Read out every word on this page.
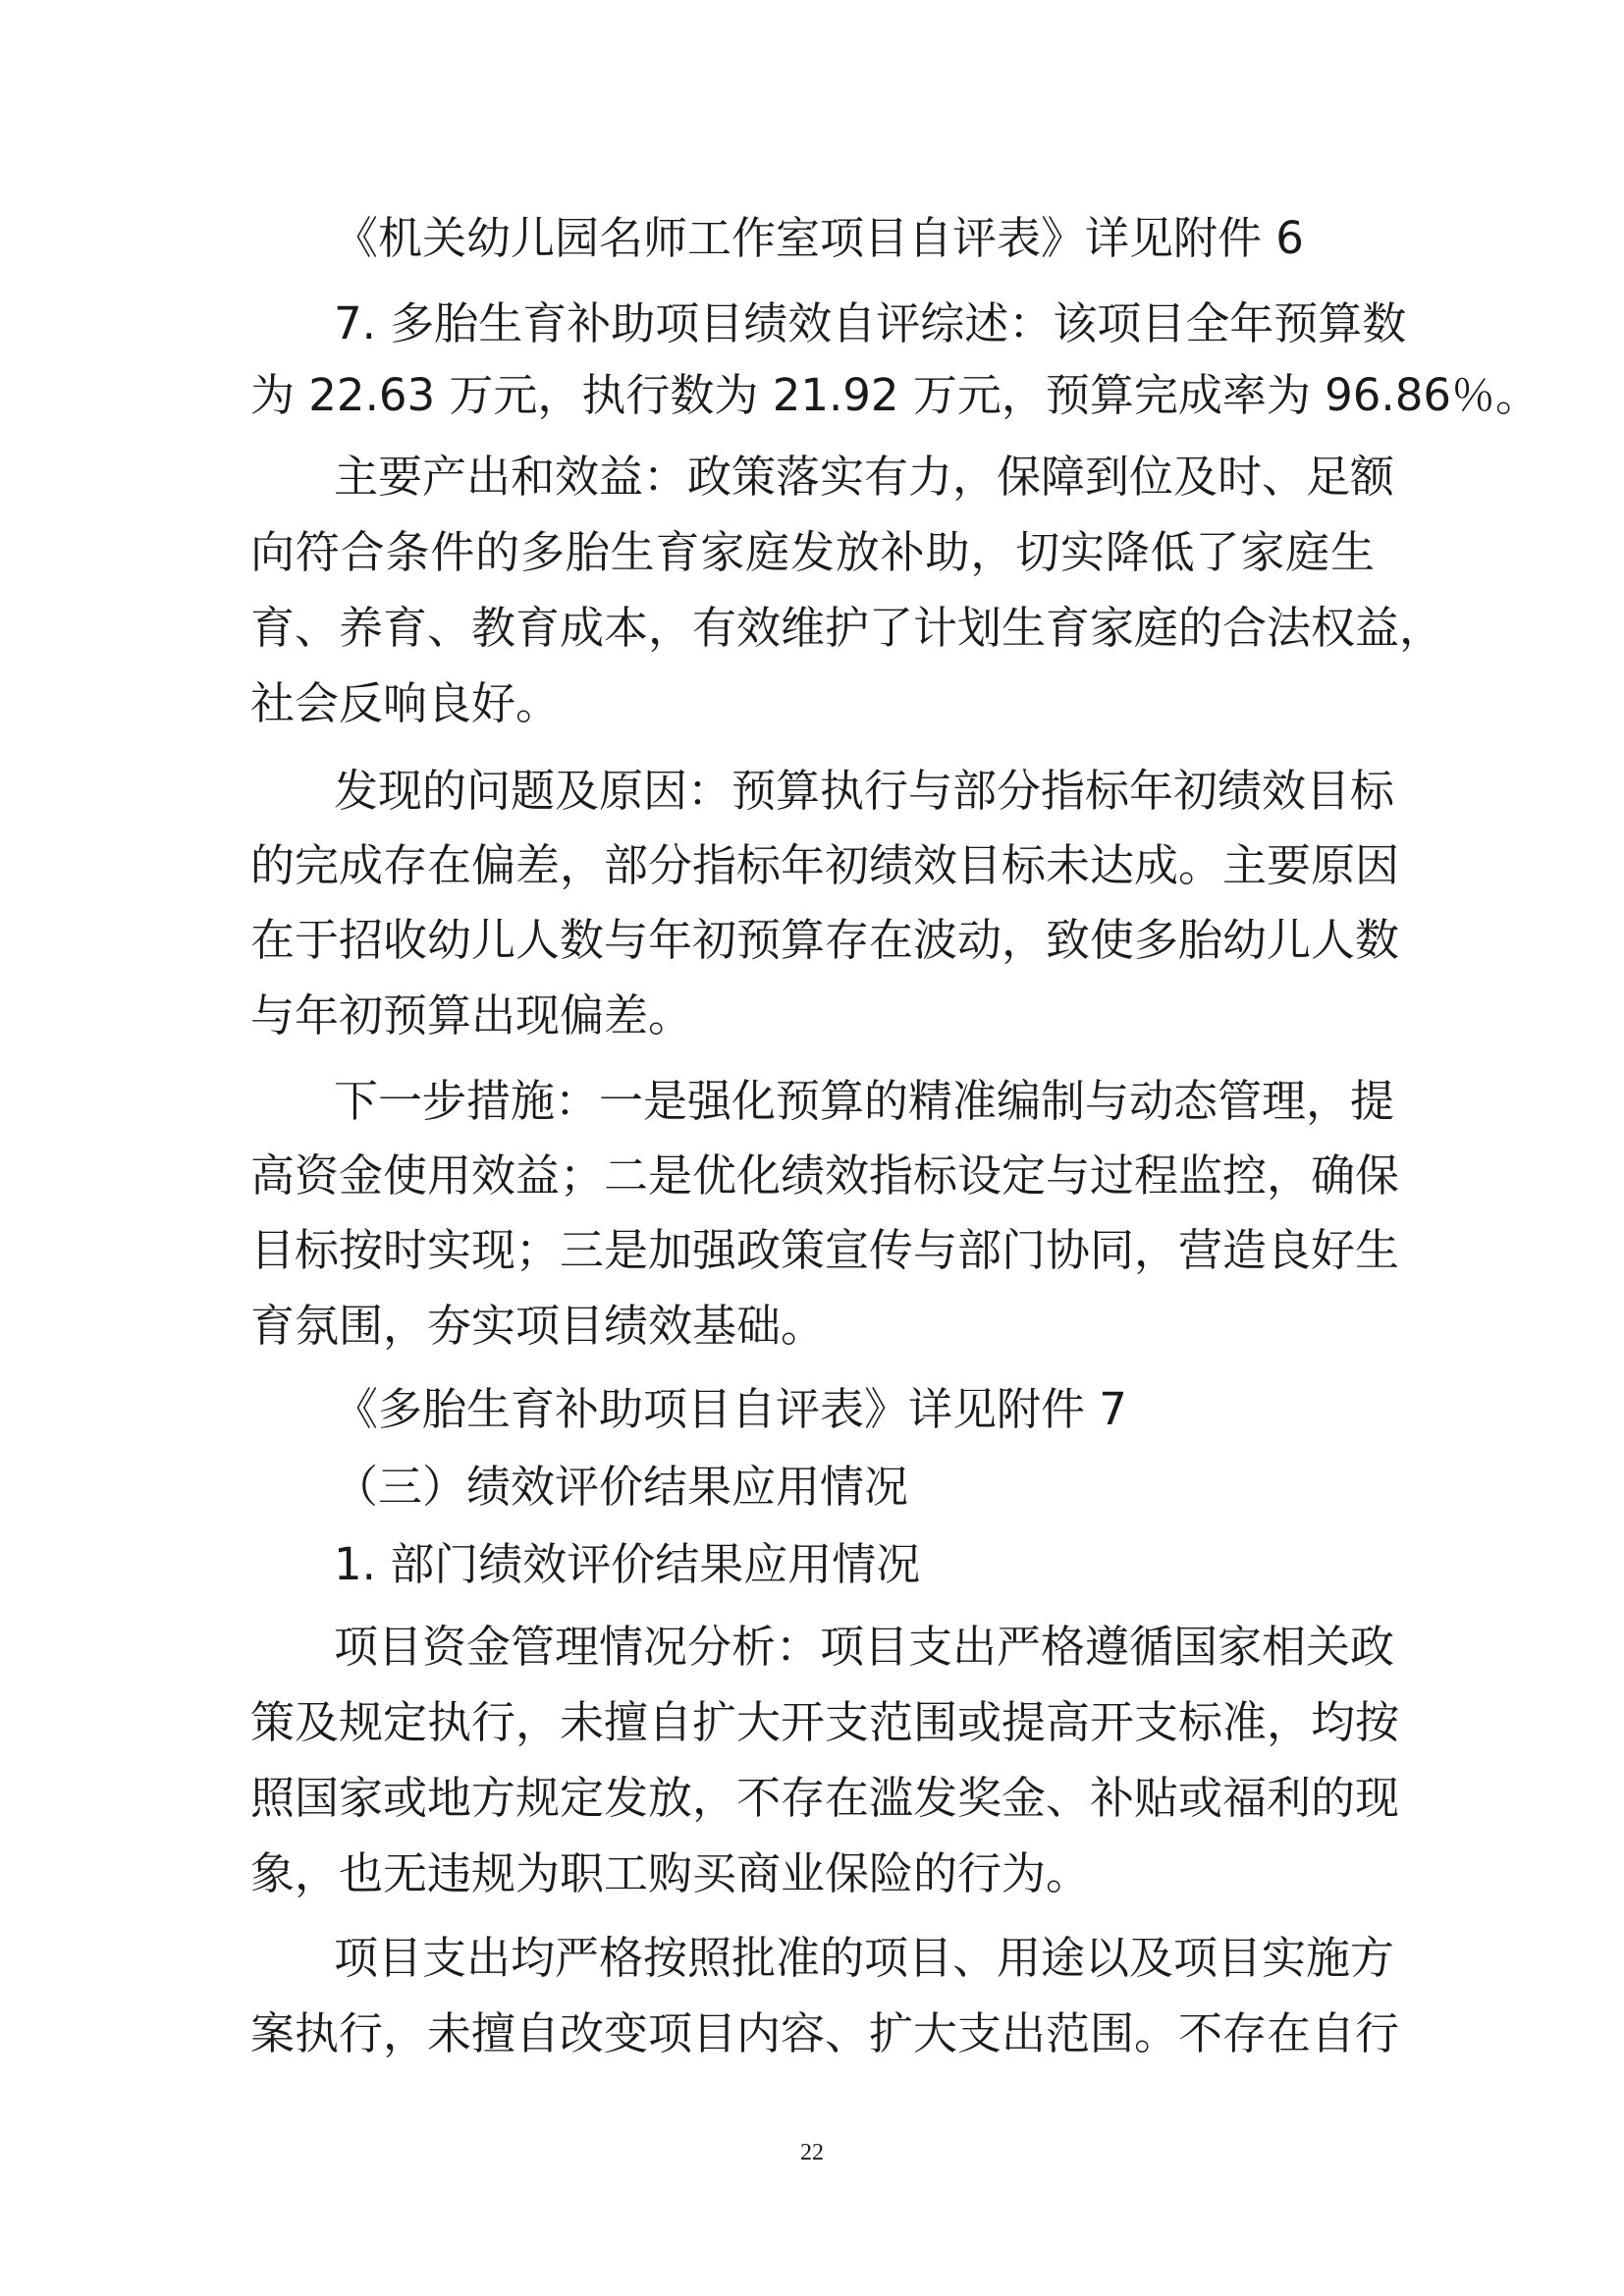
《机关幼儿园名师工作室项目自评表》详见附件 6
7. 多胎生育补助项目绩效自评综述：该项目全年预算数
为 22.63 万元，执行数为 21.92 万元，预算完成率为 96.86％。
主要产出和效益：政策落实有力，保障到位及时、足额
向符合条件的多胎生育家庭发放补助，切实降低了家庭生
育、养育、教育成本，有效维护了计划生育家庭的合法权益，
社会反响良好。
发现的问题及原因：预算执行与部分指标年初绩效目标
的完成存在偏差，部分指标年初绩效目标未达成。主要原因
在于招收幼儿人数与年初预算存在波动，致使多胎幼儿人数
与年初预算出现偏差。
下一步措施：一是强化预算的精准编制与动态管理，提
高资金使用效益；二是优化绩效指标设定与过程监控，确保
目标按时实现；三是加强政策宣传与部门协同，营造良好生
育氛围，夯实项目绩效基础。
《多胎生育补助项目自评表》详见附件 7
（三）绩效评价结果应用情况
1. 部门绩效评价结果应用情况
项目资金管理情况分析：项目支出严格遵循国家相关政
策及规定执行，未擅自扩大开支范围或提高开支标准，均按
照国家或地方规定发放，不存在滥发奖金、补贴或福利的现
象，也无违规为职工购买商业保险的行为。
项目支出均严格按照批准的项目、用途以及项目实施方
案执行，未擅自改变项目内容、扩大支出范围。不存在自行
22
